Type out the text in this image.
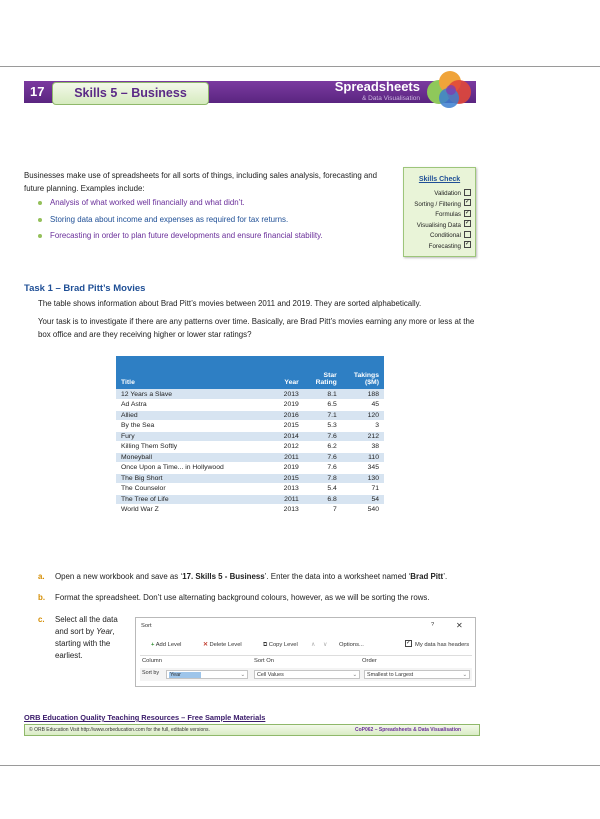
17	Skills 5 – Business	Spreadsheets
& Data Visualisation
Businesses make use of spreadsheets for all sorts of things, including sales analysis, forecasting and future planning. Examples include:
Analysis of what worked well financially and what didn’t.
Storing data about income and expenses as required for tax returns.
Forecasting in order to plan future developments and ensure financial stability.
Skills Check
Validation
Sorting / Filtering ✓
Formulas ✓
Visualising Data ✓
Conditional
Forecasting ✓
Task 1 – Brad Pitt’s Movies
The table shows information about Brad Pitt’s movies between 2011 and 2019. They are sorted alphabetically.
Your task is to investigate if there are any patterns over time. Basically, are Brad Pitt’s movies earning any more or less at the box office and are they receiving higher or lower star ratings?
Title	Year	Star Rating	Takings ($M)
12 Years a Slave	2013	8.1	188
Ad Astra	2019	6.5	45
Allied	2016	7.1	120
By the Sea	2015	5.3	3
Fury	2014	7.6	212
Killing Them Softly	2012	6.2	38
Moneyball	2011	7.6	110
Once Upon a Time... in Hollywood	2019	7.6	345
The Big Short	2015	7.8	130
The Counselor	2013	5.4	71
The Tree of Life	2011	6.8	54
World War Z	2013	7	540
a. Open a new workbook and save as ‘17. Skills 5 - Business’. Enter the data into a worksheet named ‘Brad Pitt’.
b. Format the spreadsheet. Don’t use alternating background colours, however, as we will be sorting the rows.
c.	Select all the data and sort by Year, starting with the earliest.
Sort	?	✕
+ Add Level	✕ Delete Level	⧉ Copy Level	∧	∨	Options...	✓ My data has headers
Column	Sort On	Order
Sort by	Year	⌄	Cell Values	⌄	Smallest to Largest	⌄
ORB Education Quality Teaching Resources – Free Sample Materials
© ORB Education Visit http://www.orbeducation.com for the full, editable versions.	CoP062 – Spreadsheets & Data Visualisation
